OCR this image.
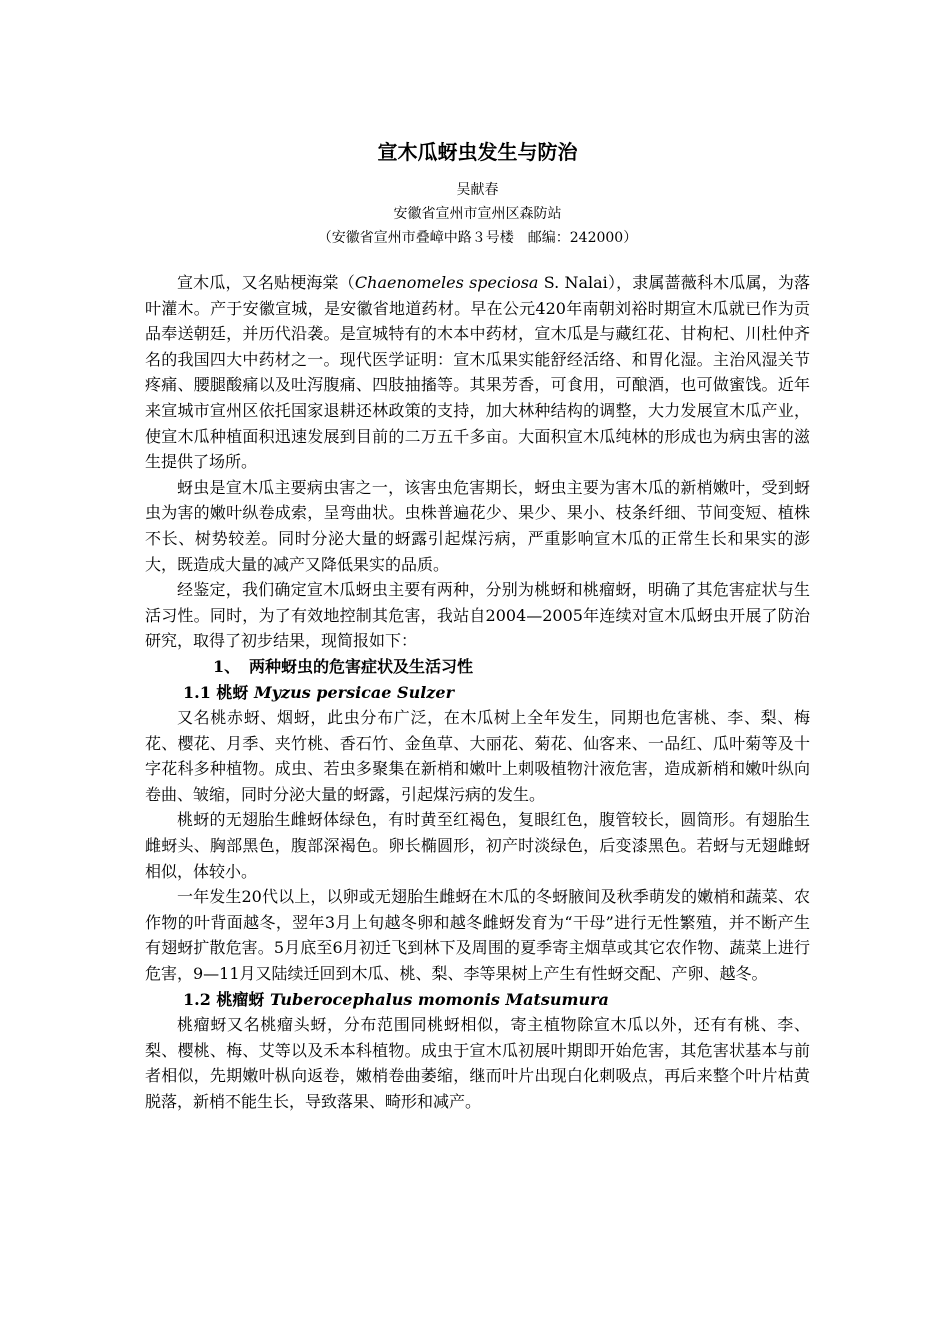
宣木瓜蚜虫发生与防治

吴献春

安徽省宣州市宣州区森防站

（安徽省宣州市叠嶂中路３号楼　邮编：242000）

宣木瓜，又名贴梗海棠（Chaenomeles speciosa S. Nalai），隶属蔷薇科木瓜属，为落叶灌木。产于安徽宣城，是安徽省地道药材。早在公元420年南朝刘裕时期宣木瓜就已作为贡品奉送朝廷，并历代沿袭。是宣城特有的木本中药材，宣木瓜是与藏红花、甘枸杞、川杜仲齐名的我国四大中药材之一。现代医学证明：宣木瓜果实能舒经活络、和胃化湿。主治风湿关节疼痛、腰腿酸痛以及吐泻腹痛、四肢抽搐等。其果芳香，可食用，可酿酒，也可做蜜饯。近年来宣城市宣州区依托国家退耕还林政策的支持，加大林种结构的调整，大力发展宣木瓜产业，使宣木瓜种植面积迅速发展到目前的二万五千多亩。大面积宣木瓜纯林的形成也为病虫害的滋生提供了场所。

蚜虫是宣木瓜主要病虫害之一，该害虫危害期长，蚜虫主要为害木瓜的新梢嫩叶，受到蚜虫为害的嫩叶纵卷成索，呈弯曲状。虫株普遍花少、果少、果小、枝条纤细、节间变短、植株不长、树势较差。同时分泌大量的蚜露引起煤污病，严重影响宣木瓜的正常生长和果实的澎大，既造成大量的减产又降低果实的品质。

经鉴定，我们确定宣木瓜蚜虫主要有两种，分别为桃蚜和桃瘤蚜，明确了其危害症状与生活习性。同时，为了有效地控制其危害，我站自2004—2005年连续对宣木瓜蚜虫开展了防治研究，取得了初步结果，现简报如下：

1、 两种蚜虫的危害症状及生活习性

1.1 桃蚜 Myzus persicae Sulzer

又名桃赤蚜、烟蚜，此虫分布广泛，在木瓜树上全年发生，同期也危害桃、李、梨、梅花、樱花、月季、夹竹桃、香石竹、金鱼草、大丽花、菊花、仙客来、一品红、瓜叶菊等及十字花科多种植物。成虫、若虫多聚集在新梢和嫩叶上刺吸植物汁液危害，造成新梢和嫩叶纵向卷曲、皱缩，同时分泌大量的蚜露，引起煤污病的发生。

桃蚜的无翅胎生雌蚜体绿色，有时黄至红褐色，复眼红色，腹管较长，圆筒形。有翅胎生雌蚜头、胸部黑色，腹部深褐色。卵长椭圆形，初产时淡绿色，后变漆黑色。若蚜与无翅雌蚜相似，体较小。

一年发生20代以上，以卵或无翅胎生雌蚜在木瓜的冬蚜腋间及秋季萌发的嫩梢和蔬菜、农作物的叶背面越冬，翌年3月上旬越冬卵和越冬雌蚜发育为“干母”进行无性繁殖，并不断产生有翅蚜扩散危害。5月底至6月初迁飞到林下及周围的夏季寄主烟草或其它农作物、蔬菜上进行危害，9—11月又陆续迁回到木瓜、桃、梨、李等果树上产生有性蚜交配、产卵、越冬。

1.2 桃瘤蚜 Tuberocephalus momonis Matsumura

桃瘤蚜又名桃瘤头蚜，分布范围同桃蚜相似，寄主植物除宣木瓜以外，还有有桃、李、梨、樱桃、梅、艾等以及禾本科植物。成虫于宣木瓜初展叶期即开始危害，其危害状基本与前者相似，先期嫩叶枞向返卷，嫩梢卷曲萎缩，继而叶片出现白化刺吸点，再后来整个叶片枯黄脱落，新梢不能生长，导致落果、畸形和减产。
